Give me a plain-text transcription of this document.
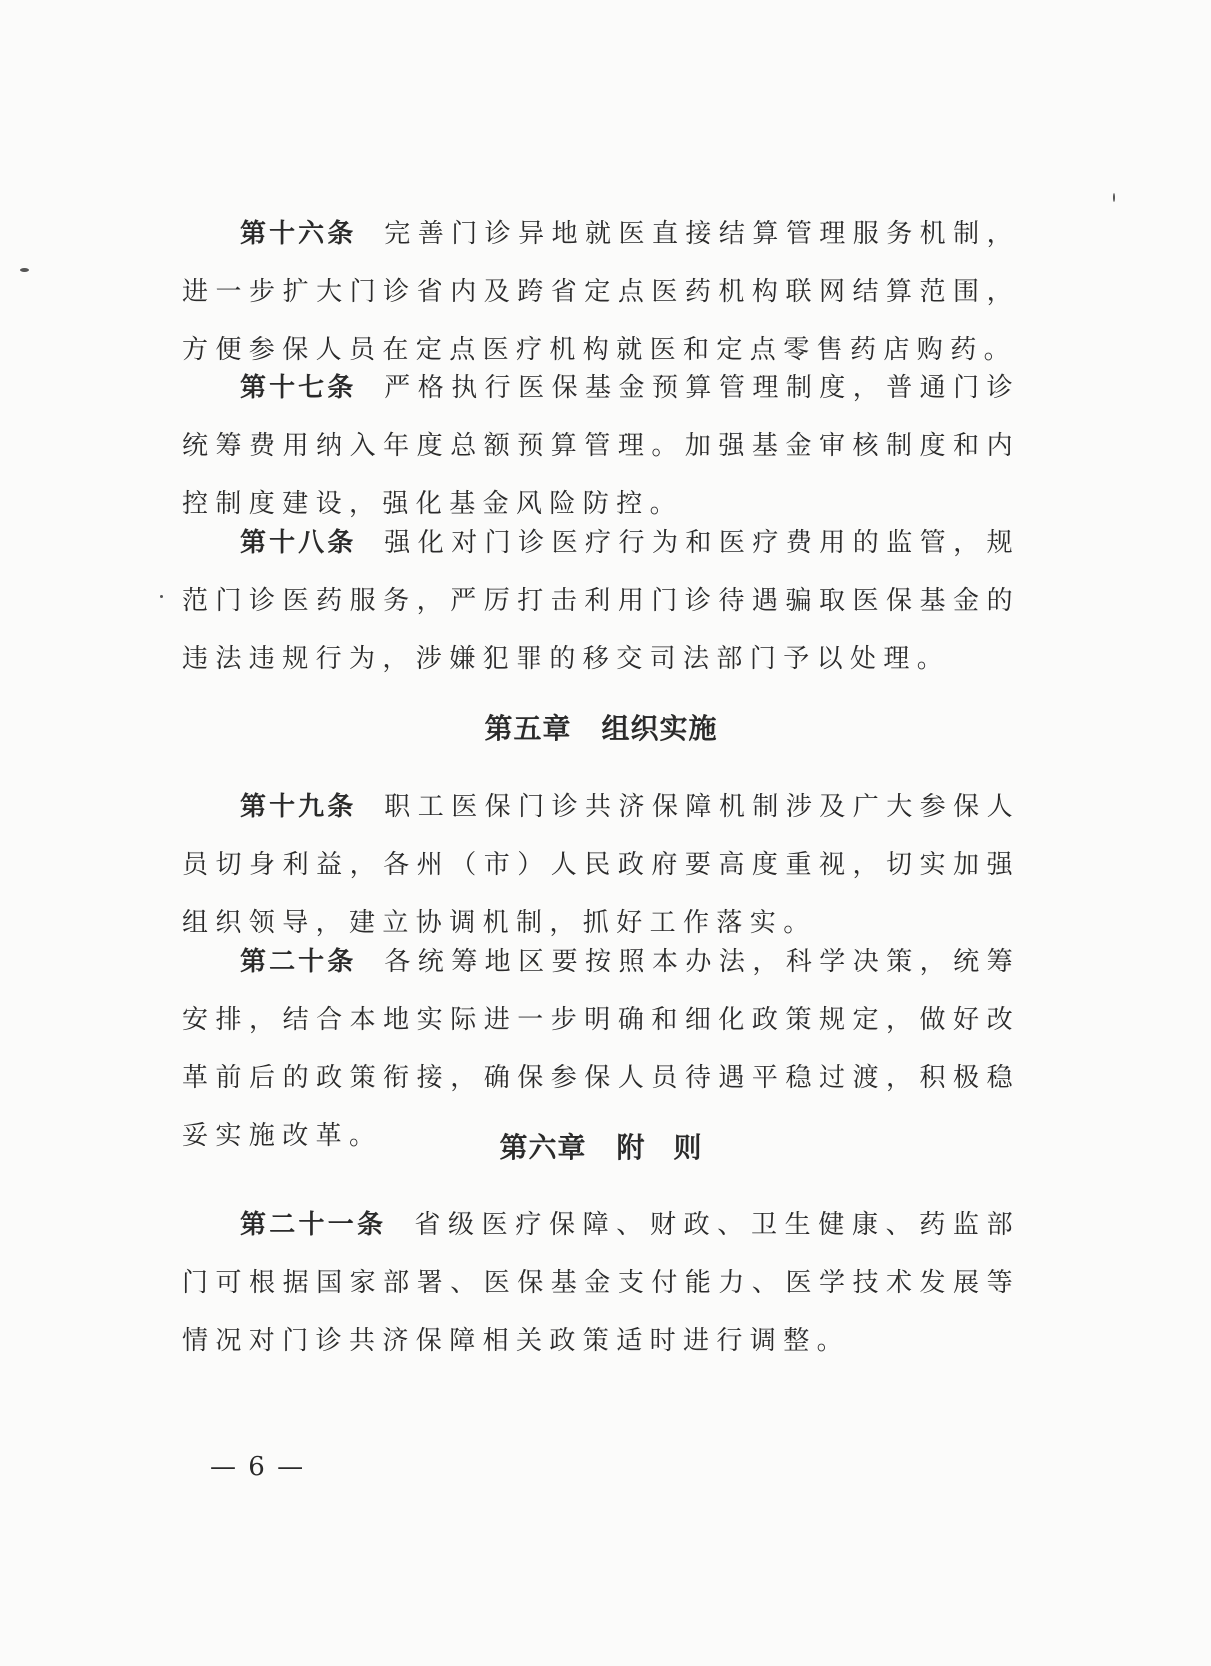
第十六条 完善门诊异地就医直接结算管理服务机制，进一步扩大门诊省内及跨省定点医药机构联网结算范围，方便参保人员在定点医疗机构就医和定点零售药店购药。

第十七条 严格执行医保基金预算管理制度，普通门诊统筹费用纳入年度总额预算管理。加强基金审核制度和内控制度建设，强化基金风险防控。

第十八条 强化对门诊医疗行为和医疗费用的监管，规范门诊医药服务，严厉打击利用门诊待遇骗取医保基金的违法违规行为，涉嫌犯罪的移交司法部门予以处理。

第五章 组织实施

第十九条 职工医保门诊共济保障机制涉及广大参保人员切身利益，各州（市）人民政府要高度重视，切实加强组织领导，建立协调机制，抓好工作落实。

第二十条 各统筹地区要按照本办法，科学决策，统筹安排，结合本地实际进一步明确和细化政策规定，做好改革前后的政策衔接，确保参保人员待遇平稳过渡，积极稳妥实施改革。	第六章 附 则

第二十一条 省级医疗保障、财政、卫生健康、药监部门可根据国家部署、医保基金支付能力、医学技术发展等情况对门诊共济保障相关政策适时进行调整。

— 6 —
